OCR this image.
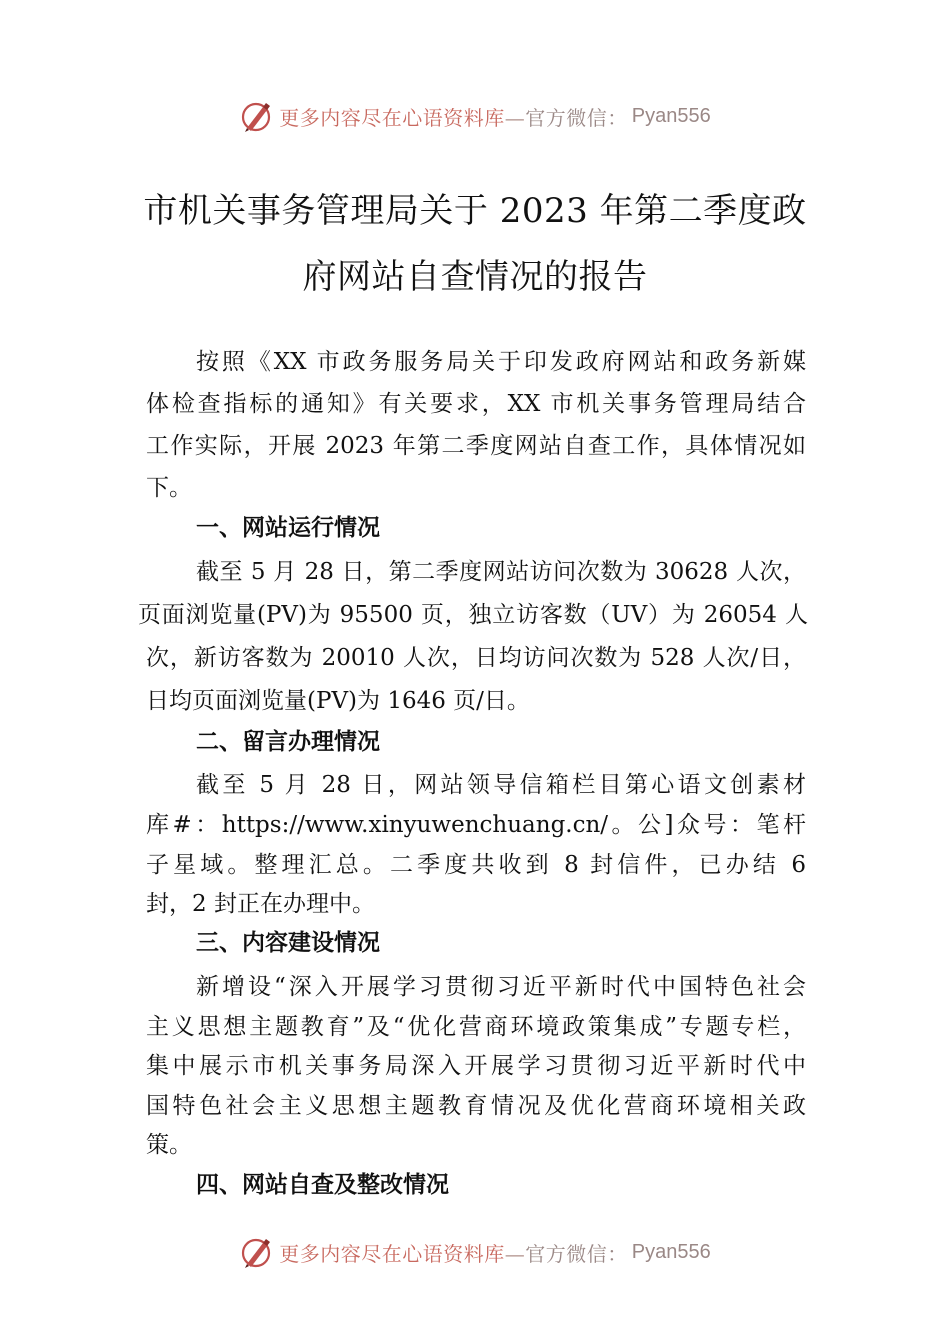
更多内容尽在心语资料库—官方微信： Pyan556
市机关事务管理局关于 2023 年第二季度政
府网站自查情况的报告
按照《XX 市政务服务局关于印发政府网站和政务新媒
体检查指标的通知》有关要求，XX 市机关事务管理局结合
工作实际，开展 2023 年第二季度网站自查工作，具体情况如
下。
一、网站运行情况
截至 5 月 28 日，第二季度网站访问次数为 30628 人次，
页面浏览量(PV)为 95500 页，独立访客数（UV）为 26054 人
次，新访客数为 20010 人次，日均访问次数为 528 人次/日，
日均页面浏览量(PV)为 1646 页/日。
二、留言办理情况
截至 5 月 28 日，网站领导信箱栏目第心语文创素材
库#：https://www.xinyuwenchuang.cn/。公]众号：笔杆
子星域。整理汇总。二季度共收到 8 封信件，已办结 6
封，2 封正在办理中。
三、内容建设情况
新增设“深入开展学习贯彻习近平新时代中国特色社会
主义思想主题教育”及“优化营商环境政策集成”专题专栏，
集中展示市机关事务局深入开展学习贯彻习近平新时代中
国特色社会主义思想主题教育情况及优化营商环境相关政
策。
四、网站自查及整改情况
更多内容尽在心语资料库—官方微信： Pyan556
